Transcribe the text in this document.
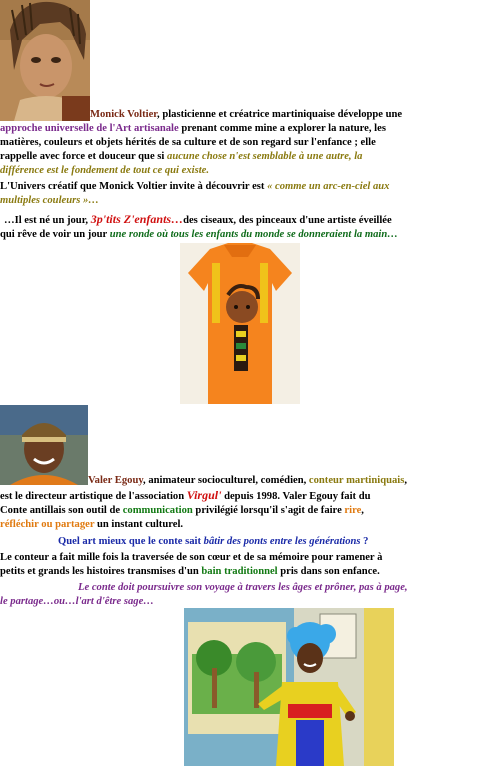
Monick Voltier, plasticienne et créatrice martiniquaise développe une
approche universelle de l'Art artisanale prenant comme mine a explorer la nature, les
matières, couleurs et objets hérités de sa culture et de son regard sur l'enfance ; elle
rappelle avec force et douceur que si aucune chose n'est semblable à une autre, la
différence est le fondement de tout ce qui existe.
L'Univers créatif que Monick Voltier invite à découvrir est « comme un arc-en-ciel aux
multiples couleurs »…
…Il est né un jour, 3p'tits Z'enfants…des ciseaux, des pinceaux d'une artiste éveillée
qui rêve de voir un jour une ronde où tous les enfants du monde se donneraient la main…
Valer Egouy, animateur socioculturel, comédien, conteur martiniquais,
est le directeur artistique de l'association Virgul' depuis 1998. Valer Egouy fait du
Conte antillais son outil de communication privilégié lorsqu'il s'agit de faire rire,
réfléchir ou partager un instant culturel.
Quel art mieux que le conte sait bâtir des ponts entre les générations ?
Le conteur a fait mille fois la traversée de son cœur et de sa mémoire pour ramener à
petits et grands les histoires transmises d'un bain traditionnel pris dans son enfance.
Le conte doit poursuivre son voyage à travers les âges et prôner, pas à page,
le partage…ou…l'art d'être sage…
